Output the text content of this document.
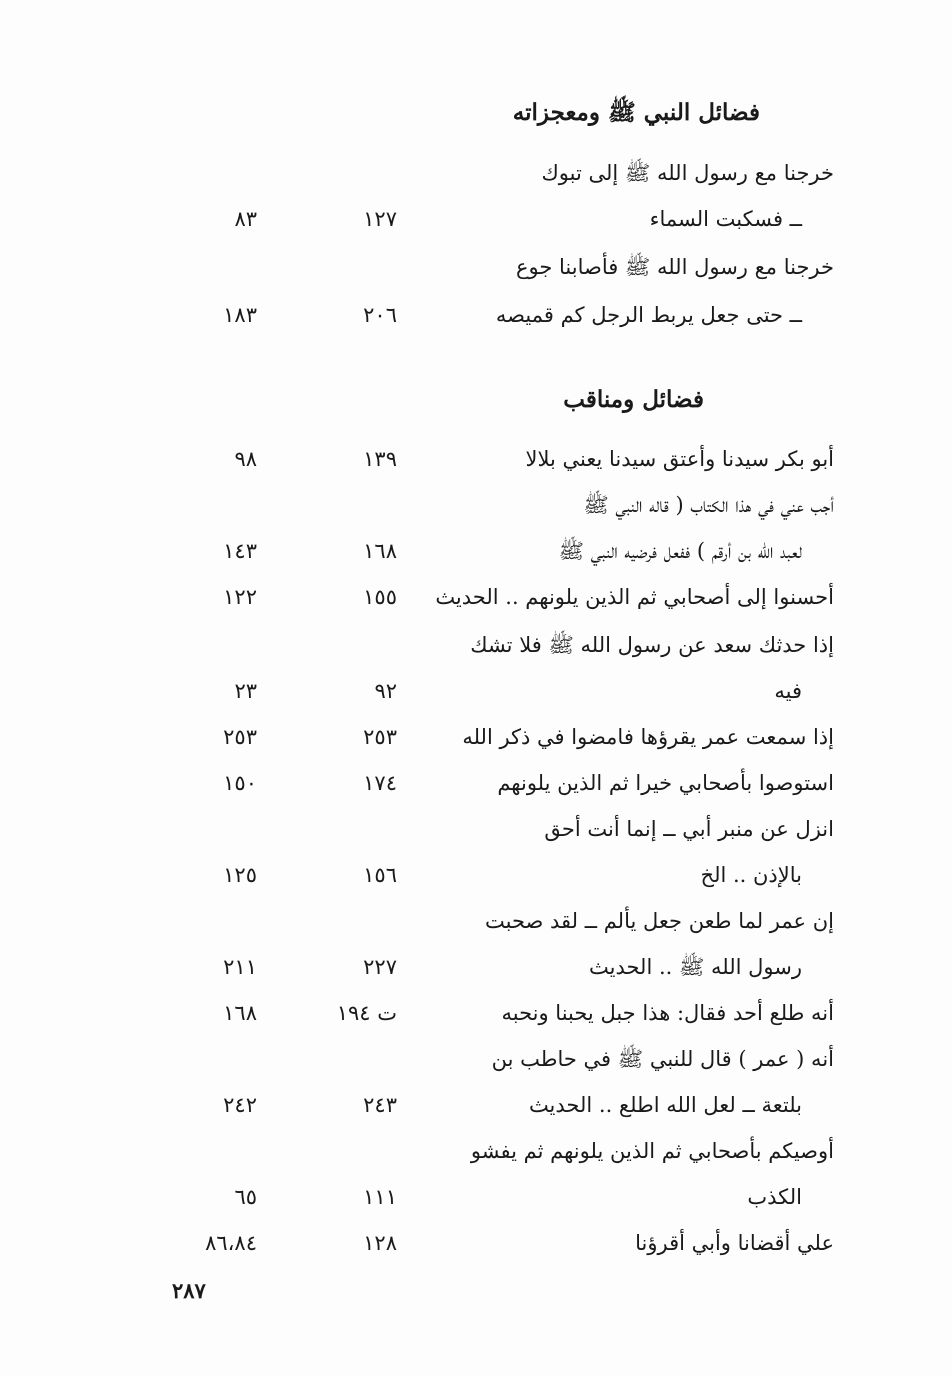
فضائل النبي ﷺ ومعجزاته
خرجنا مع رسول الله ﷺ إلى تبوك
ــ فسكبت السماء
١٢٧
٨٣
خرجنا مع رسول الله ﷺ فأصابنا جوع
ــ حتى جعل يربط الرجل كم قميصه
٢٠٦
١٨٣
فضائل ومناقب
أبو بكر سيدنا وأعتق سيدنا يعني بلالا
١٣٩
٩٨
أجب عني في هذا الكتاب ( قاله النبي ﷺ
لعبد الله بن أرقم ) ففعل فرضيه النبي ﷺ
١٦٨
١٤٣
أحسنوا إلى أصحابي ثم الذين يلونهم .. الحديث
١٥٥
١٢٢
إذا حدثك سعد عن رسول الله ﷺ فلا تشك
فيه
٩٢
٢٣
إذا سمعت عمر يقرؤها فامضوا في ذكر الله
٢٥٣
٢٥٣
استوصوا بأصحابي خيرا ثم الذين يلونهم
١٧٤
١٥٠
انزل عن منبر أبي ــ إنما أنت أحق
بالإذن .. الخ
١٥٦
١٢٥
إن عمر لما طعن جعل يألم ــ لقد صحبت
رسول الله ﷺ .. الحديث
٢٢٧
٢١١
أنه طلع أحد فقال: هذا جبل يحبنا ونحبه
ت ١٩٤
١٦٨
أنه ( عمر ) قال للنبي ﷺ في حاطب بن
بلتعة ــ لعل الله اطلع .. الحديث
٢٤٣
٢٤٢
أوصيكم بأصحابي ثم الذين يلونهم ثم يفشو
الكذب
١١١
٦٥
علي أقضانا وأبي أقرؤنا
١٢٨
٨٦،٨٤
٢٨٧
